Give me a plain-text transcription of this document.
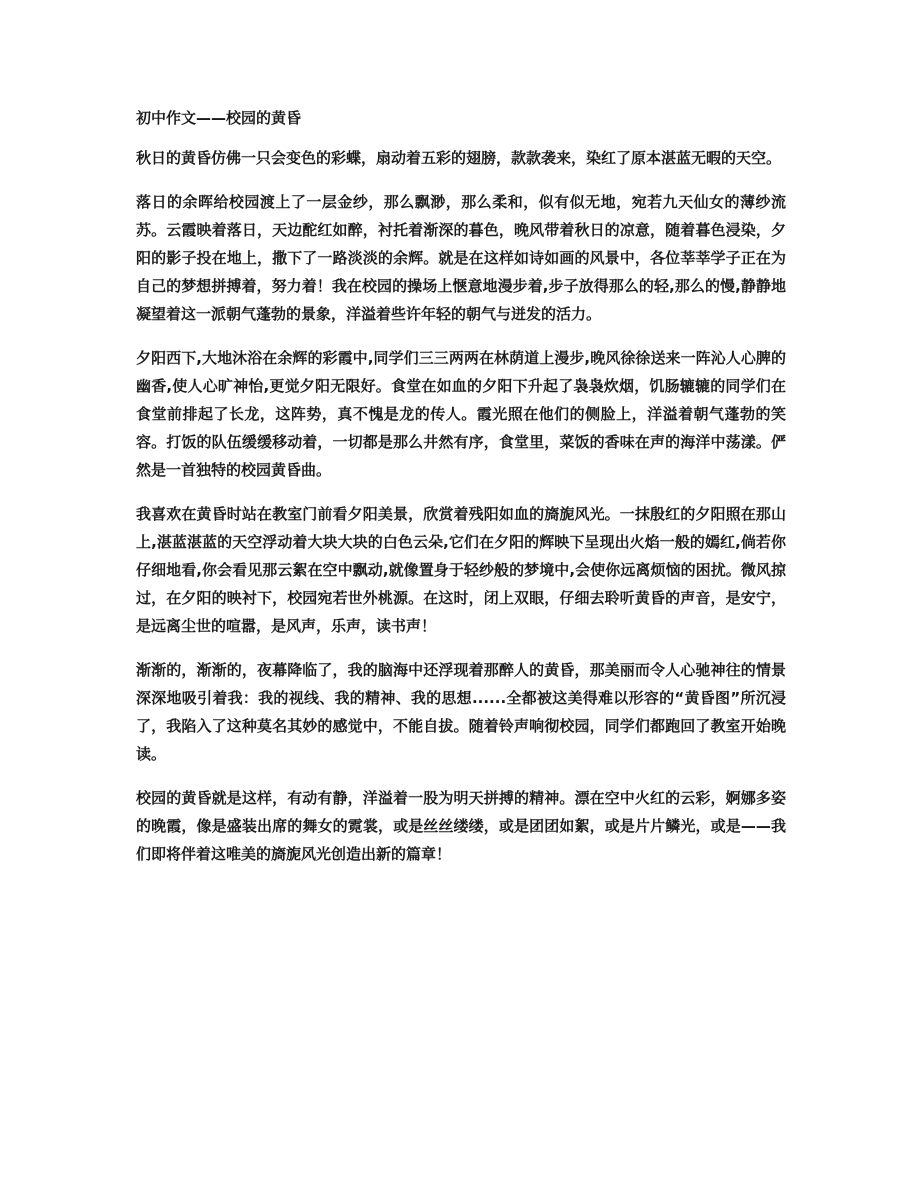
初中作文——校园的黄昏

秋日的黄昏仿佛一只会变色的彩蝶，扇动着五彩的翅膀，款款袭来，染红了原本湛蓝无暇的天空。

落日的余晖给校园渡上了一层金纱，那么飘渺，那么柔和，似有似无地，宛若九天仙女的薄纱流苏。云霞映着落日，天边酡红如醉，衬托着渐深的暮色，晚风带着秋日的凉意，随着暮色浸染，夕阳的影子投在地上，撒下了一路淡淡的余辉。就是在这样如诗如画的风景中，各位莘莘学子正在为自己的梦想拼搏着，努力着！我在校园的操场上惬意地漫步着,步子放得那么的轻,那么的慢,静静地凝望着这一派朝气蓬勃的景象，洋溢着些许年轻的朝气与迸发的活力。

夕阳西下,大地沐浴在余辉的彩霞中,同学们三三两两在林荫道上漫步,晚风徐徐送来一阵沁人心脾的幽香,使人心旷神怡,更觉夕阳无限好。食堂在如血的夕阳下升起了袅袅炊烟，饥肠辘辘的同学们在食堂前排起了长龙，这阵势，真不愧是龙的传人。霞光照在他们的侧脸上，洋溢着朝气蓬勃的笑容。打饭的队伍缓缓移动着，一切都是那么井然有序，食堂里，菜饭的香味在声的海洋中荡漾。俨然是一首独特的校园黄昏曲。

我喜欢在黄昏时站在教室门前看夕阳美景，欣赏着残阳如血的旖旎风光。一抹殷红的夕阳照在那山上,湛蓝湛蓝的天空浮动着大块大块的白色云朵,它们在夕阳的辉映下呈现出火焰一般的嫣红,倘若你仔细地看,你会看见那云絮在空中飘动,就像置身于轻纱般的梦境中,会使你远离烦恼的困扰。微风掠过，在夕阳的映衬下，校园宛若世外桃源。在这时，闭上双眼，仔细去聆听黄昏的声音，是安宁，是远离尘世的喧嚣，是风声，乐声，读书声！

渐渐的，渐渐的，夜幕降临了，我的脑海中还浮现着那醉人的黄昏，那美丽而令人心驰神往的情景深深地吸引着我：我的视线、我的精神、我的思想......全都被这美得难以形容的“黄昏图”所沉浸了，我陷入了这种莫名其妙的感觉中，不能自拔。随着铃声响彻校园，同学们都跑回了教室开始晚读。

校园的黄昏就是这样，有动有静，洋溢着一股为明天拼搏的精神。漂在空中火红的云彩，婀娜多姿的晚霞，像是盛装出席的舞女的霓裳，或是丝丝缕缕，或是团团如絮，或是片片鳞光，或是——我们即将伴着这唯美的旖旎风光创造出新的篇章！
